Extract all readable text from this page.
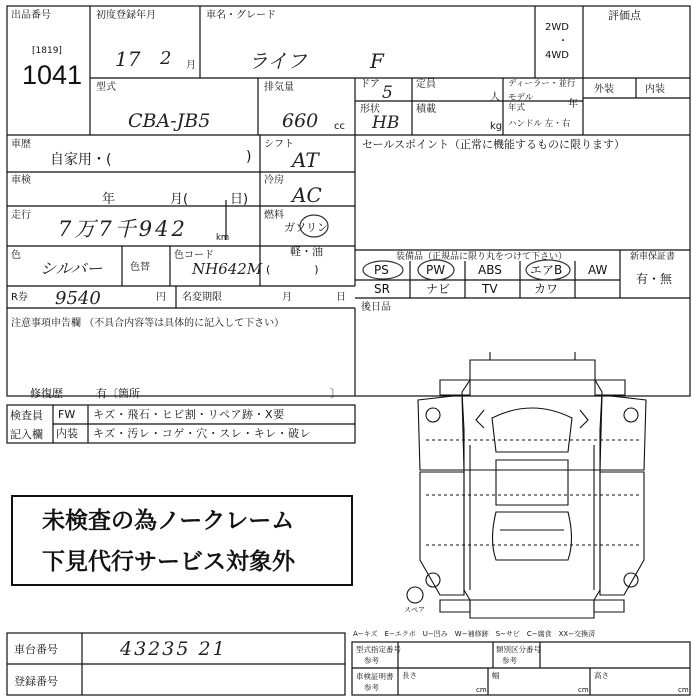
出品番号
[1819]
1041
初度登録年月
17 2 月
車名・グレード
ライフ	F
2WD
・
4WD
評価点
外装	内装
型式
CBA-JB5
排気量
660 cc
ドア 5 定員
人
形状
HB
積載
kg
ディーラー・並行
モデル
年式	年
ハンドル 左・右
車歴
自家用・(	)
シフト
AT
セールスポイント（正常に機能するものに限ります）
車検
年	月(	日)
冷房
AC
走行
7万7千942	km
燃料
ガソリン
軽・油
(　　　　)
色
シルバー	色替
色コード
NH642M
R券 9540	円 名変期限	月	日
装備品（正規品に限り丸をつけて下さい）
PS	PW	ABS エアB AW
SR	ナビ	TV	カワ
新車保証書
有・無
後日品
注意事項申告欄 （不具合内容等は具体的に記入して下さい）
修復歴	有〔箇所	〕
検査員
記入欄
FW キズ・飛石・ヒビ割・リペア跡・X要
内装 キズ・汚レ・コゲ・穴・スレ・キレ・破レ
未検査の為ノークレーム
下見代行サービス対象外
スペア
A−キズ　E−エクボ　U−凹み　W−補修跡　S−サビ　C−腐食　XX−交換済
車台番号	43235 21
登録番号
型式指定番号
参考
類別区分番号
参考
車検証明書
参考
長さ
cm
幅
cm
高さ
cm
